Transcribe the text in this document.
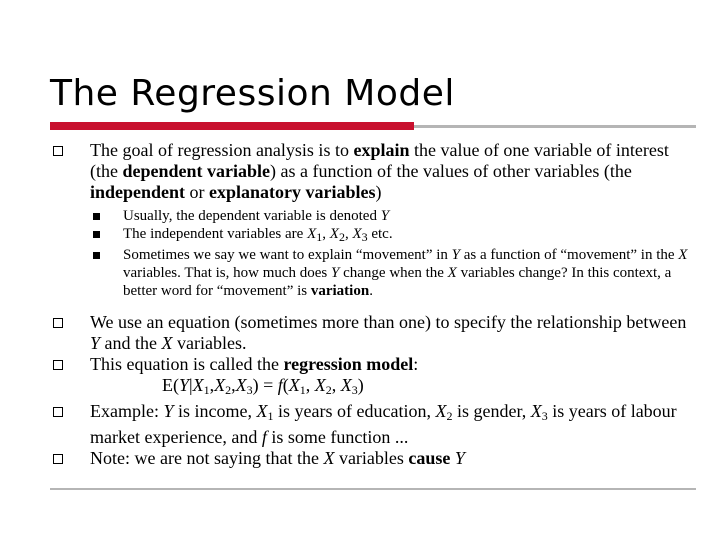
The Regression Model
The goal of regression analysis is to explain the value of one variable of interest (the dependent variable) as a function of the values of other variables (the independent or explanatory variables)
Usually, the dependent variable is denoted Y
The independent variables are $X_1$, $X_2$, $X_3$ etc.
Sometimes we say we want to explain “movement” in Y as a function of “movement” in the X variables. That is, how much does Y change when the X variables change? In this context, a better word for “movement” is variation.
We use an equation (sometimes more than one) to specify the relationship between Y and the X variables.
This equation is called the regression model:
$E(Y|X_1,X_2,X_3) = f(X_1$, $X_2$, $X_3$)
Example: Y is income, $X_1$ is years of education, $X_2$ is gender, $X_3$ is years of labour market experience, and f is some function ...
Note: we are not saying that the X variables cause Y
